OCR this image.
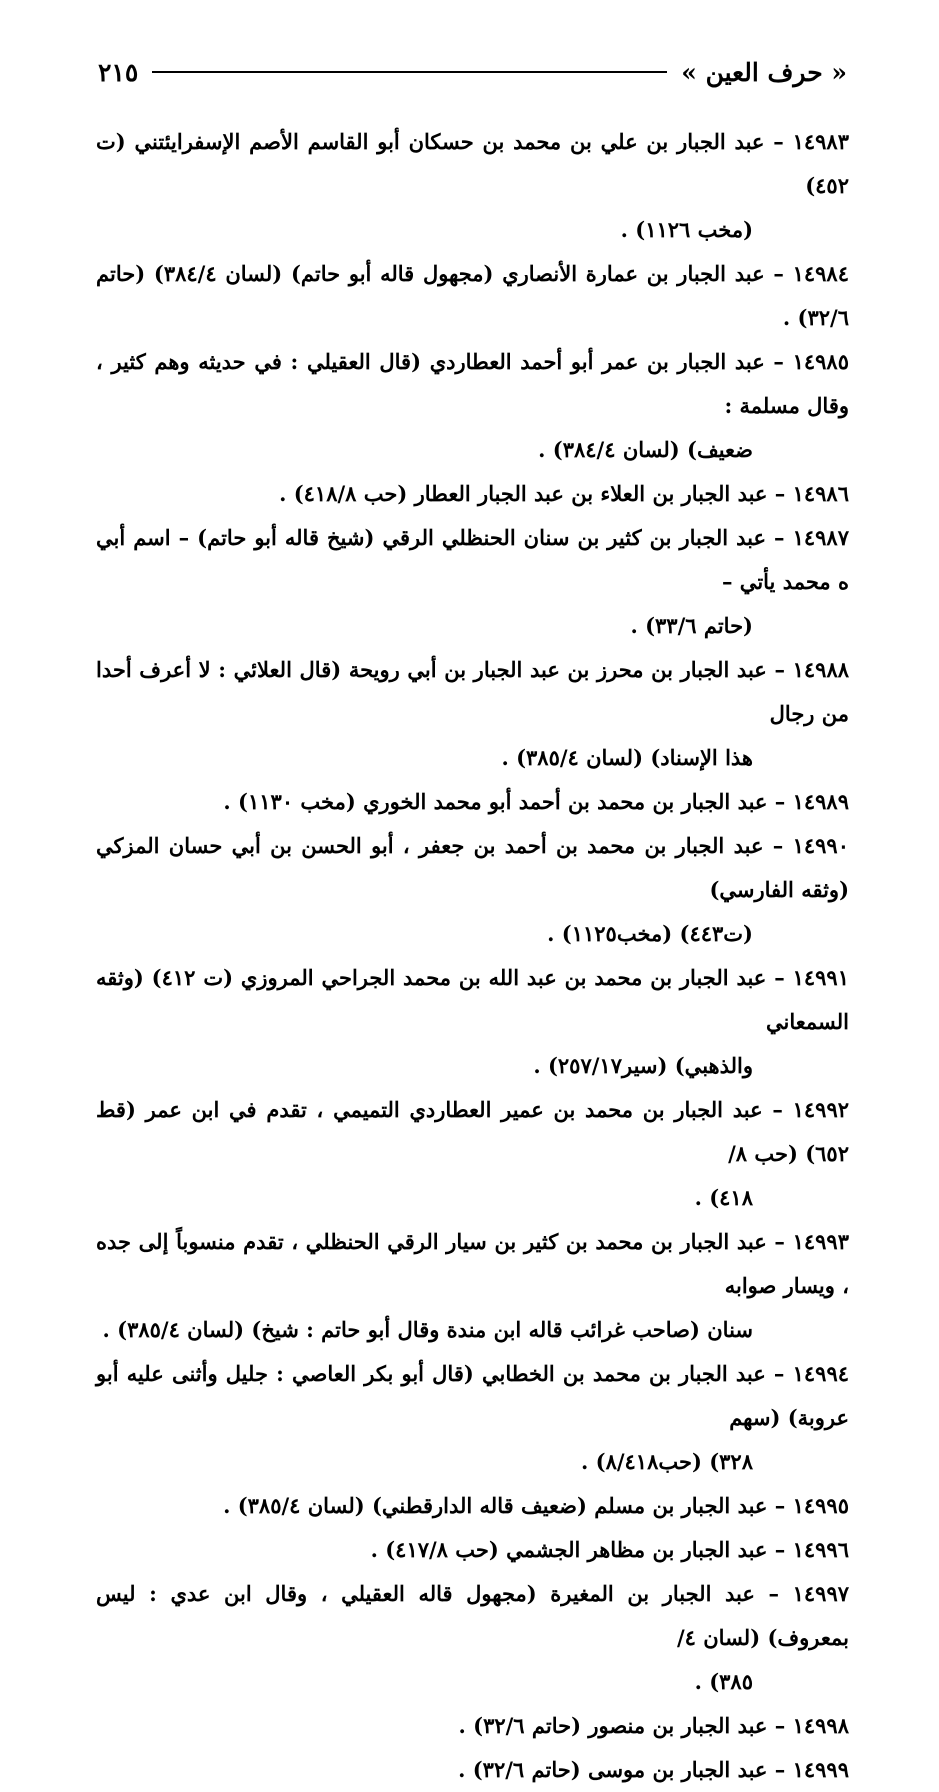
« حرف العين »
٢١٥
١٤٩٨٣ – عبد الجبار بن علي بن محمد بن حسكان أبو القاسم الأصم الإسفرايئتني (ت ٤٥٢)
(مخب ١١٢٦) .
١٤٩٨٤ – عبد الجبار بن عمارة الأنصاري (مجهول قاله أبو حاتم) (لسان ٣٨٤/٤) (حاتم ٣٢/٦) .
١٤٩٨٥ – عبد الجبار بن عمر أبو أحمد العطاردي (قال العقيلي : في حديثه وهم كثير ، وقال مسلمة :
ضعيف) (لسان ٣٨٤/٤) .
١٤٩٨٦ – عبد الجبار بن العلاء بن عبد الجبار العطار (حب ٤١٨/٨) .
١٤٩٨٧ – عبد الجبار بن كثير بن سنان الحنظلي الرقي (شيخ قاله أبو حاتم) – اسم أبي ه محمد يأتي –
(حاتم ٣٣/٦) .
١٤٩٨٨ – عبد الجبار بن محرز بن عبد الجبار بن أبي رويحة (قال العلائي : لا أعرف أحدا من رجال
هذا الإسناد) (لسان ٣٨٥/٤) .
١٤٩٨٩ – عبد الجبار بن محمد بن أحمد أبو محمد الخوري (مخب ١١٣٠) .
١٤٩٩٠ – عبد الجبار بن محمد بن أحمد بن جعفر ، أبو الحسن بن أبي حسان المزكي (وثقه الفارسي)
(ت٤٤٣) (مخب١١٢٥) .
١٤٩٩١ – عبد الجبار بن محمد بن عبد الله بن محمد الجراحي المروزي (ت ٤١٢) (وثقه السمعاني
والذهبي) (سير٢٥٧/١٧) .
١٤٩٩٢ – عبد الجبار بن محمد بن عمير العطاردي التميمي ، تقدم في ابن عمر (قط ٦٥٢) (حب ٨/
٤١٨) .
١٤٩٩٣ – عبد الجبار بن محمد بن كثير بن سيار الرقي الحنظلي ، تقدم منسوباً إلى جده ، ويسار صوابه
سنان (صاحب غرائب قاله ابن مندة وقال أبو حاتم : شيخ) (لسان ٣٨٥/٤) .
١٤٩٩٤ – عبد الجبار بن محمد بن الخطابي (قال أبو بكر العاصي : جليل وأثنى عليه أبو عروبة) (سهم
٣٢٨) (حب٨/٤١٨) .
١٤٩٩٥ – عبد الجبار بن مسلم (ضعيف قاله الدارقطني) (لسان ٣٨٥/٤) .
١٤٩٩٦ – عبد الجبار بن مظاهر الجشمي (حب ٤١٧/٨) .
١٤٩٩٧ – عبد الجبار بن المغيرة (مجهول قاله العقيلي ، وقال ابن عدي : ليس بمعروف) (لسان ٤/
٣٨٥) .
١٤٩٩٨ – عبد الجبار بن منصور (حاتم ٣٢/٦) .
١٤٩٩٩ – عبد الجبار بن موسى (حاتم ٣٢/٦) .
